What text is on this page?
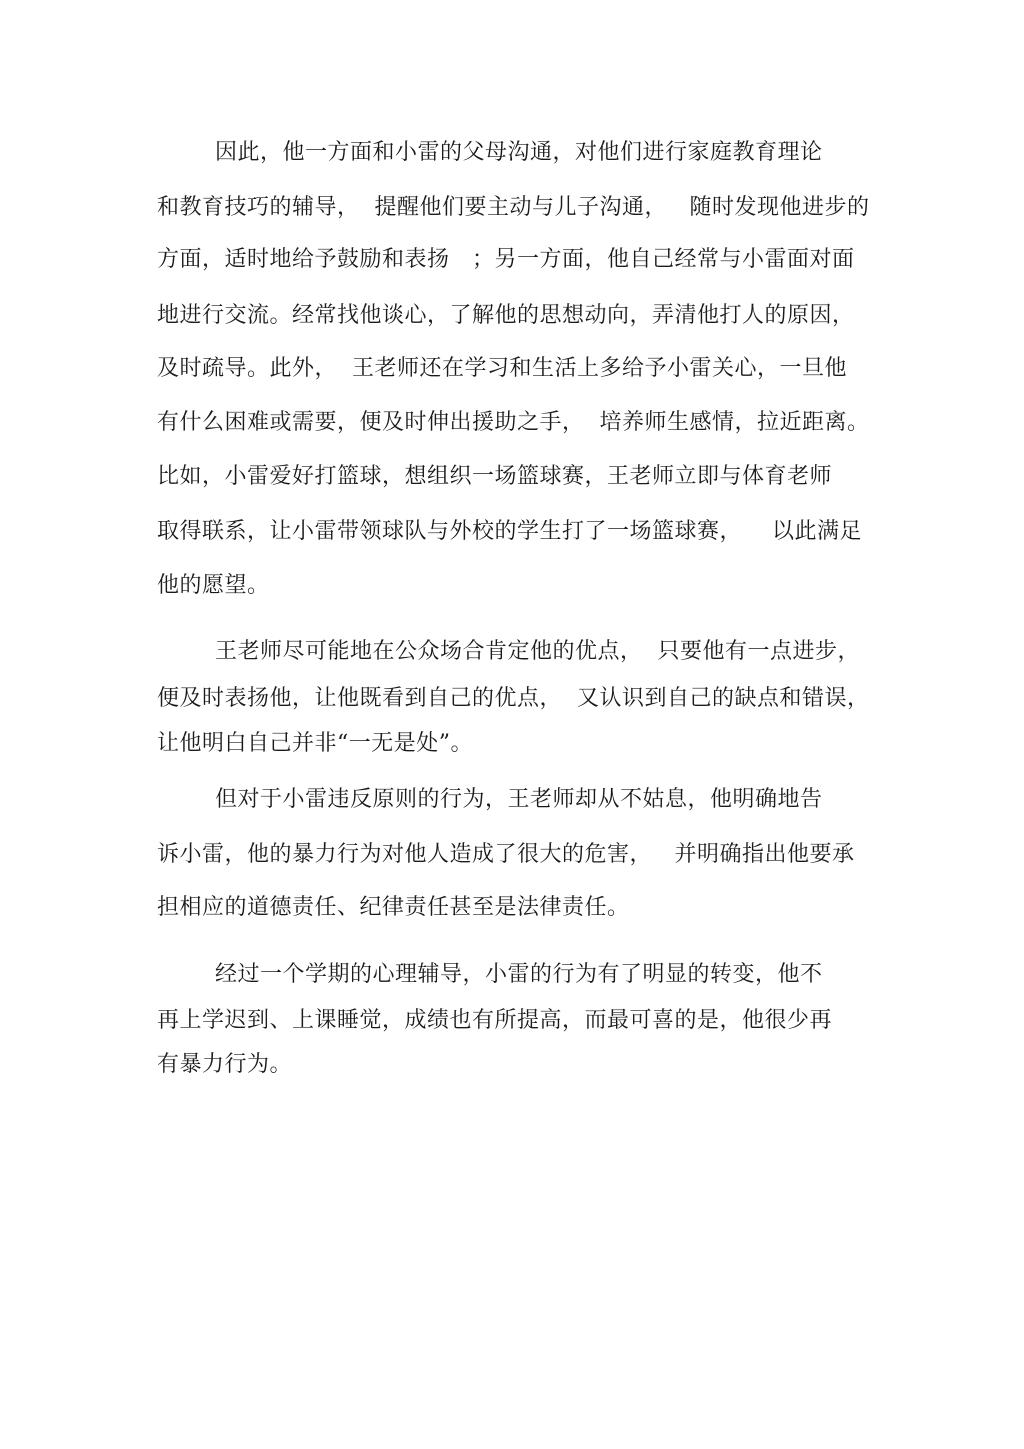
因此，他一方面和小雷的父母沟通，对他们进行家庭教育理论
和教育技巧的辅导，  提醒他们要主动与儿子沟通，   随时发现他进步的
方面，适时地给予鼓励和表扬   ；另一方面，他自己经常与小雷面对面
地进行交流。经常找他谈心，了解他的思想动向，弄清他打人的原因，
及时疏导。此外，  王老师还在学习和生活上多给予小雷关心，一旦他
有什么困难或需要，便及时伸出援助之手，  培养师生感情，拉近距离。
比如，小雷爱好打篮球，想组织一场篮球赛，王老师立即与体育老师
取得联系，让小雷带领球队与外校的学生打了一场篮球赛，    以此满足
他的愿望。
王老师尽可能地在公众场合肯定他的优点，  只要他有一点进步，
便及时表扬他，让他既看到自己的优点，  又认识到自己的缺点和错误，
让他明白自己并非“一无是处”。
但对于小雷违反原则的行为，王老师却从不姑息，他明确地告
诉小雷，他的暴力行为对他人造成了很大的危害，   并明确指出他要承
担相应的道德责任、纪律责任甚至是法律责任。
经过一个学期的心理辅导，小雷的行为有了明显的转变，他不
再上学迟到、上课睡觉，成绩也有所提高，而最可喜的是，他很少再
有暴力行为。
